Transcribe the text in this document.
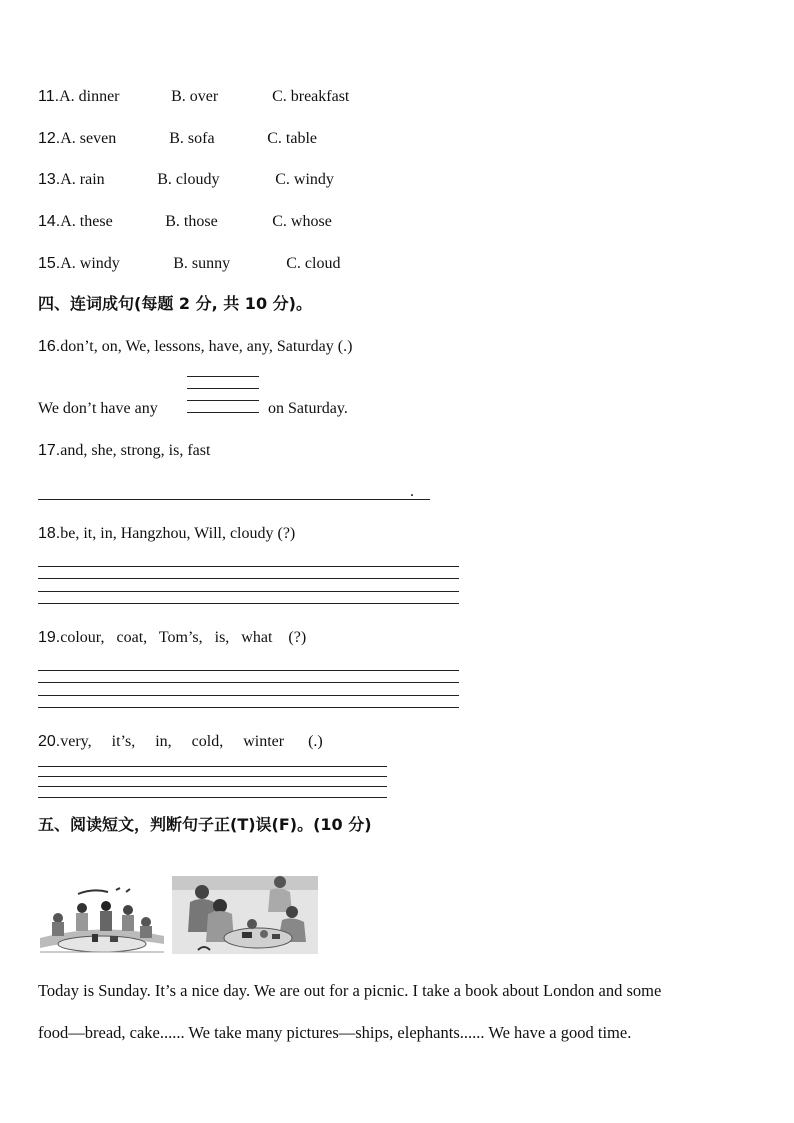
11.A. dinner	B. over	C. breakfast
12.A. seven	B. sofa	C. table
13.A. rain	B. cloudy	C. windy
14.A. these	B. those	C. whose
15.A. windy	B. sunny	C. cloud
四、连词成句(每题 2 分, 共 10 分)。
16.don’t, on, We, lessons, have, any, Saturday (.)
We don’t have any	on Saturday.
17.and, she, strong, is, fast
.
18.be, it, in, Hangzhou, Will, cloudy (?)
19.colour,   coat,   Tom’s,   is,   what    (?)
20.very,     it’s,     in,     cold,     winter      (.)
五、阅读短文，判断句子正(T)误(F)。(10 分)
Today is Sunday. It’s a nice day. We are out for a picnic. I take a book about London and some
food—bread, cake...... We take many pictures—ships, elephants...... We have a good time.
